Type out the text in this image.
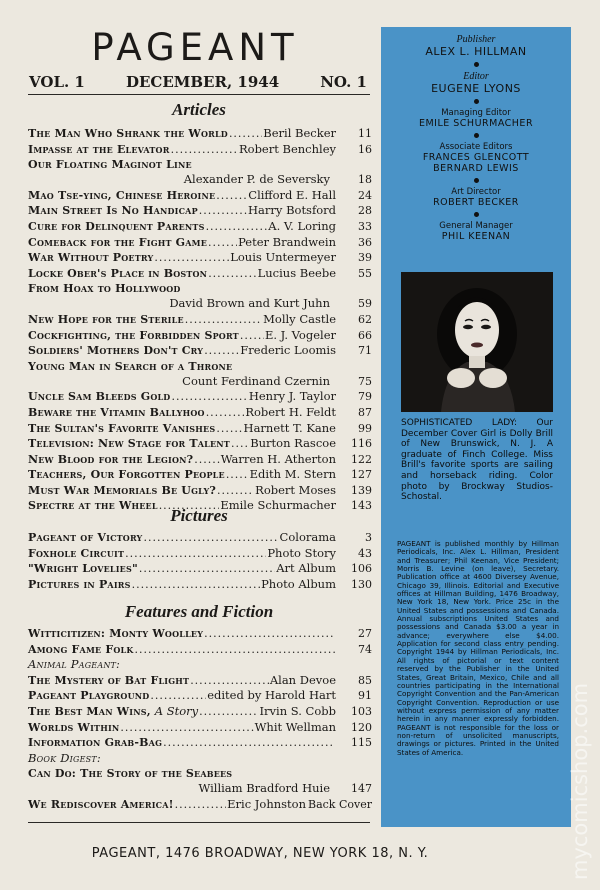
PAGEANT
VOL. 1	DECEMBER, 1944	NO. 1
Articles
The Man Who Shrank the World .....	Beril Becker	11
Impasse at the Elevator .....	Robert Benchley	16
Our Floating Maginot Line
Alexander P. de Seversky	18
Mao Tse-ying, Chinese Heroine .....	Clifford E. Hall	24
Main Street Is No Handicap .....	Harry Botsford	28
Cure for Delinquent Parents .....	A. V. Loring	33
Comeback for the Fight Game .....	Peter Brandwein	36
War Without Poetry .....	Louis Untermeyer	39
Locke Ober's Place in Boston .....	Lucius Beebe	55
From Hoax to Hollywood
David Brown and Kurt Juhn	59
New Hope for the Sterile .....	Molly Castle	62
Cockfighting, the Forbidden Sport ..... E. J. Vogeler	66
Soldiers' Mothers Don't Cry .....	Frederic Loomis	71
Young Man in Search of a Throne
Count Ferdinand Czernin	75
Uncle Sam Bleeds Gold .....	Henry J. Taylor	79
Beware the Vitamin Ballyhoo .....	Robert H. Feldt	87
The Sultan's Favorite Vanishes ..... Harnett T. Kane	99
Television: New Stage for Talent ..... Burton Rascoe	116
New Blood for the Legion? ..... Warren H. Atherton	122
Teachers, Our Forgotten People ..... Edith M. Stern	127
Must War Memorials Be Ugly? .....	Robert Moses	139
Spectre at the Wheel .....	Emile Schurmacher	143
Pictures
Pageant of Victory .....	Colorama	3
Foxhole Circuit .....	Photo Story	43
"Wright Lovelies" .....	Art Album	106
Pictures in Pairs .....	Photo Album	130
Features and Fiction
Witticitizen: Monty Woolley .....	27
Among Fame Folk .....	74
Animal Pageant:
The Mystery of Bat Flight .....	Alan Devoe	85
Pageant Playground .....	edited by Harold Hart	91
The Best Man Wins, A Story .....	Irvin S. Cobb	103
Worlds Within .....	Whit Wellman	120
Information Grab-Bag .....	115
Book Digest:
Can Do: The Story of the Seabees
William Bradford Huie	147
We Rediscover America! .....	Eric Johnston Back Cover
Publisher
ALEX L. HILLMAN
Editor
EUGENE LYONS
Managing Editor
EMILE SCHURMACHER
Associate Editors
FRANCES GLENCOTT
BERNARD LEWIS
Art Director
ROBERT BECKER
General Manager
PHIL KEENAN
SOPHISTICATED LADY: Our December Cover Girl is Dolly Brill of New Brunswick, N. J. A graduate of Finch College. Miss Brill's favorite sports are sailing and horseback riding. Color photo by Brockway Studios-Schostal.
PAGEANT is published monthly by Hillman Periodicals, Inc. Alex L. Hillman, President and Treasurer; Phil Keenan, Vice President; Morris B. Levine (on leave), Secretary. Publication office at 4600 Diversey Avenue, Chicago 39, Illinois. Editorial and Executive offices at Hillman Building, 1476 Broadway, New York 18, New York. Price 25c in the United States and possessions and Canada. Annual subscriptions United States and possessions and Canada $3.00 a year in advance; everywhere else $4.00. Application for second class entry pending. Copyright 1944 by Hillman Periodicals, Inc. All rights of pictorial or text content reserved by the Publisher in the United States, Great Britain, Mexico, Chile and all countries participating in the International Copyright Convention and the Pan-American Copyright Convention. Reproduction or use without express permission of any matter herein in any manner expressly forbidden. PAGEANT is not responsible for the loss or non-return of unsolicited manuscripts, drawings or pictures. Printed in the United States of America.
PAGEANT, 1476 BROADWAY, NEW YORK 18, N. Y.	mycomicshop.com
